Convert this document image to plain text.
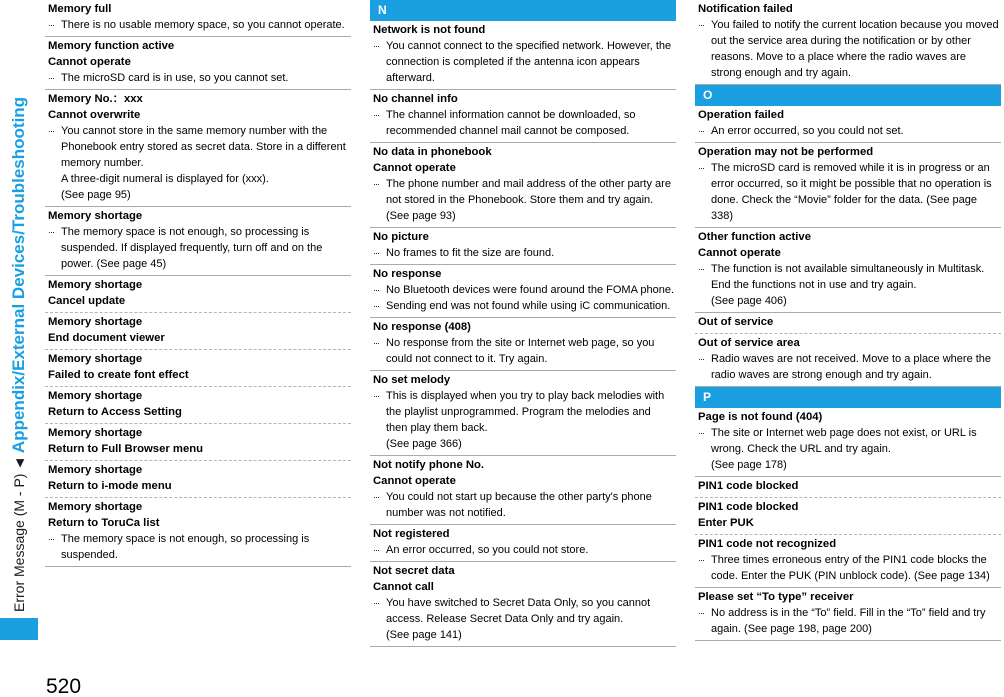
Error Message (M - P)
◀
Appendix/External Devices/Troubleshooting
520
Memory full
··· There is no usable memory space, so you cannot operate.
Memory function active
Cannot operate
··· The microSD card is in use, so you cannot set.
Memory No.：xxx
Cannot overwrite
··· You cannot store in the same memory number with the Phonebook entry stored as secret data. Store in a different memory number.
A three-digit numeral is displayed for (xxx).
(See page 95)
Memory shortage
··· The memory space is not enough, so processing is suspended. If displayed frequently, turn off and on the power. (See page 45)
Memory shortage
Cancel update
Memory shortage
End document viewer
Memory shortage
Failed to create font effect
Memory shortage
Return to Access Setting
Memory shortage
Return to Full Browser menu
Memory shortage
Return to i-mode menu
Memory shortage
Return to ToruCa list
··· The memory space is not enough, so processing is suspended.
N
Network is not found
··· You cannot connect to the specified network. However, the connection is completed if the antenna icon appears afterward.
No channel info
··· The channel information cannot be downloaded, so recommended channel mail cannot be composed.
No data in phonebook
Cannot operate
··· The phone number and mail address of the other party are not stored in the Phonebook. Store them and try again. (See page 93)
No picture
··· No frames to fit the size are found.
No response
··· No Bluetooth devices were found around the FOMA phone.
··· Sending end was not found while using iC communication.
No response (408)
··· No response from the site or Internet web page, so you could not connect to it. Try again.
No set melody
··· This is displayed when you try to play back melodies with the playlist unprogrammed. Program the melodies and then play them back.
(See page 366)
Not notify phone No.
Cannot operate
··· You could not start up because the other party's phone number was not notified.
Not registered
··· An error occurred, so you could not store.
Not secret data
Cannot call
··· You have switched to Secret Data Only, so you cannot access. Release Secret Data Only and try again.
(See page 141)
Notification failed
··· You failed to notify the current location because you moved out the service area during the notification or by other reasons. Move to a place where the radio waves are strong enough and try again.
O
Operation failed
··· An error occurred, so you could not set.
Operation may not be performed
··· The microSD card is removed while it is in progress or an error occurred, so it might be possible that no operation is done. Check the “Movie” folder for the data. (See page 338)
Other function active
Cannot operate
··· The function is not available simultaneously in Multitask. End the functions not in use and try again.
(See page 406)
Out of service
Out of service area
··· Radio waves are not received. Move to a place where the radio waves are strong enough and try again.
P
Page is not found (404)
··· The site or Internet web page does not exist, or URL is wrong. Check the URL and try again.
(See page 178)
PIN1 code blocked
PIN1 code blocked
Enter PUK
PIN1 code not recognized
··· Three times erroneous entry of the PIN1 code blocks the code. Enter the PUK (PIN unblock code). (See page 134)
Please set “To type” receiver
··· No address is in the “To” field. Fill in the “To” field and try again. (See page 198, page 200)
